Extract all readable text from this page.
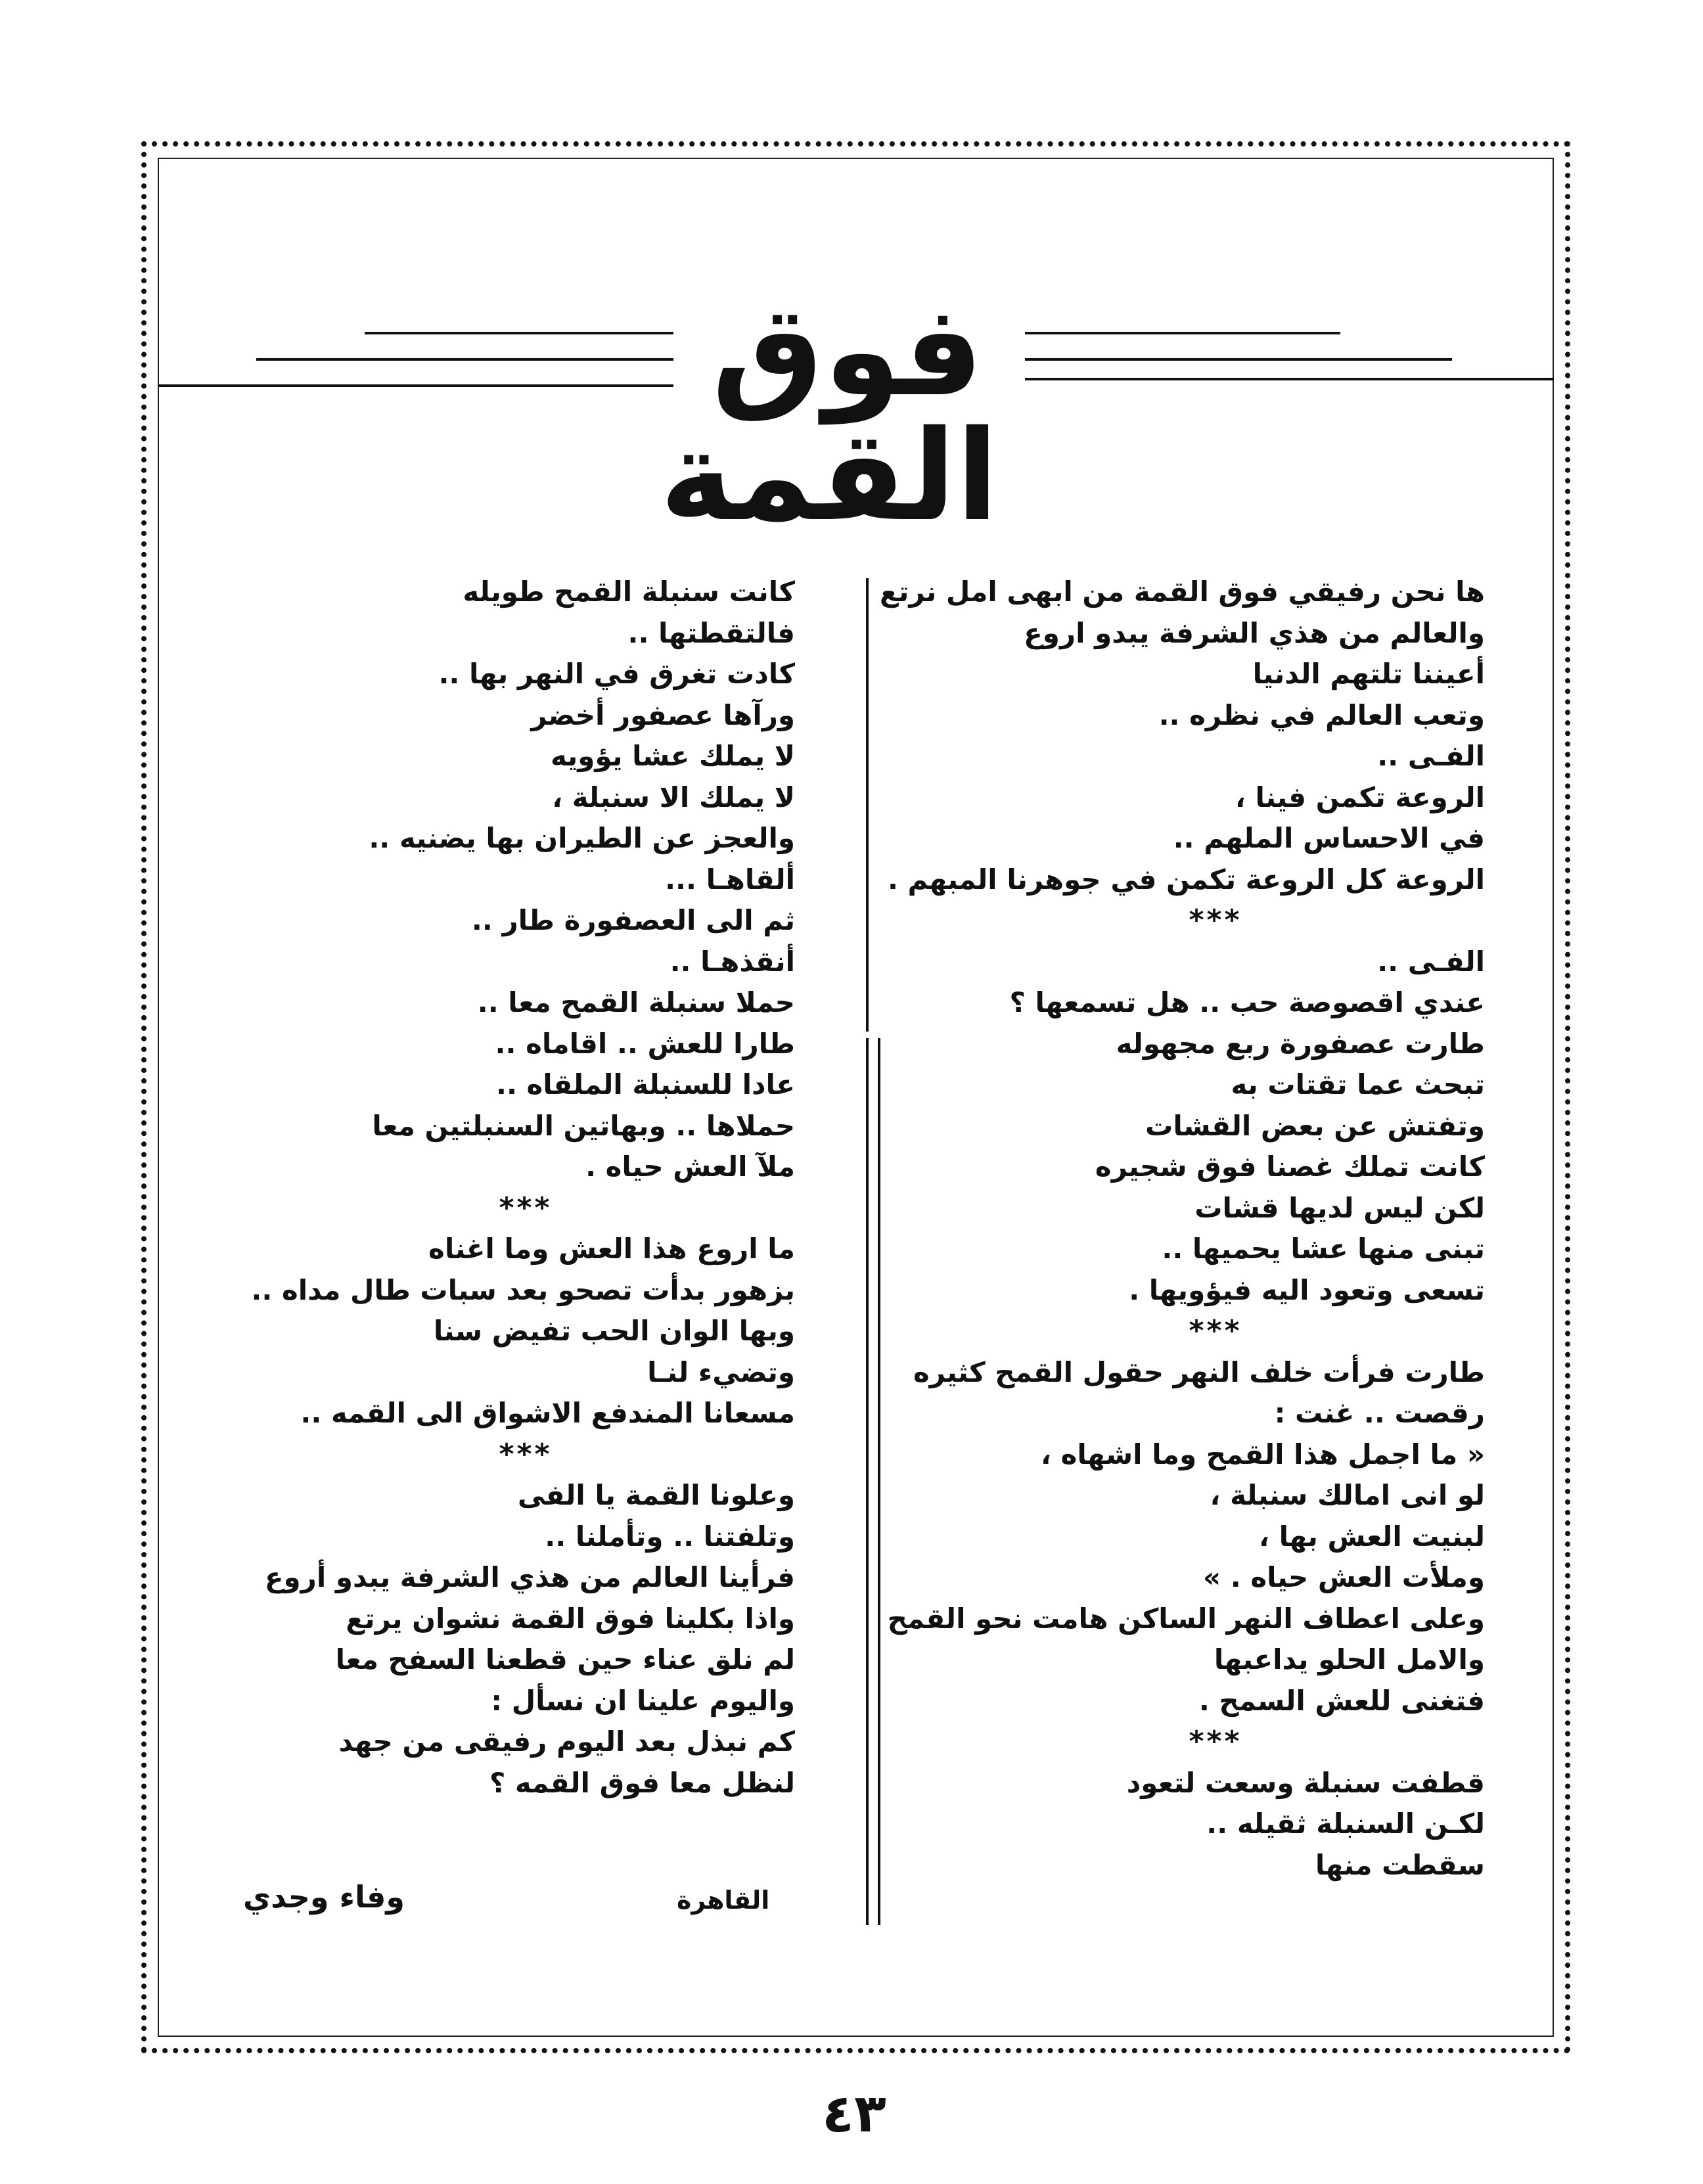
فوق القمة
ها نحن رفيقي فوق القمة من ابهى امل نرتع
والعالم من هذي الشرفة يبدو اروع
أعيننا تلتهم الدنيا
وتعب العالم في نظره ..
الفـى ..
الروعة تكمن فينا ،
في الاحساس الملهم ..
الروعة كل الروعة تكمن في جوهرنا المبهم .
***
الفـى ..
عندي اقصوصة حب .. هل تسمعها ؟
طارت عصفورة ربع مجهوله
تبحث عما تقتات به
وتفتش عن بعض القشات
كانت تملك غصنا فوق شجيره
لكن ليس لديها قشات
تبنى منها عشا يحميها ..
تسعى وتعود اليه فيؤويها .
***
طارت فرأت خلف النهر حقول القمح كثيره
رقصت .. غنت :
« ما اجمل هذا القمح وما اشهاه ،
لو انى امالك سنبلة ،
لبنيت العش بها ،
وملأت العش حياه . »
وعلى اعطاف النهر الساكن هامت نحو القمح
والامل الحلو يداعبها
فتغنى للعش السمح .
***
قطفت سنبلة وسعت لتعود
لكـن السنبلة ثقيله ..
سقطت منها
كانت سنبلة القمح طويله
فالتقطتها ..
كادت تغرق في النهر بها ..
ورآها عصفور أخضر
لا يملك عشا يؤويه
لا يملك الا سنبلة ،
والعجز عن الطيران بها يضنيه ..
ألقاهـا ...
ثم الى العصفورة طار ..
أنقذهـا ..
حملا سنبلة القمح معا ..
طارا للعش .. اقاماه ..
عادا للسنبلة الملقاه ..
حملاها .. وبهاتين السنبلتين معا
ملآ العش حياه .
***
ما اروع هذا العش وما اغناه
بزهور بدأت تصحو بعد سبات طال مداه ..
وبها الوان الحب تفيض سنا
وتضيء لنـا
مسعانا المندفع الاشواق الى القمه ..
***
وعلونا القمة يا الفى
وتلفتنا .. وتأملنا ..
فرأينا العالم من هذي الشرفة يبدو أروع
واذا بكلينا فوق القمة نشوان يرتع
لم نلق عناء حين قطعنا السفح معا
واليوم علينا ان نسأل :
كم نبذل بعد اليوم رفيقى من جهد
لنظل معا فوق القمه ؟
القاهرة
وفاء وجدي
٤٣
